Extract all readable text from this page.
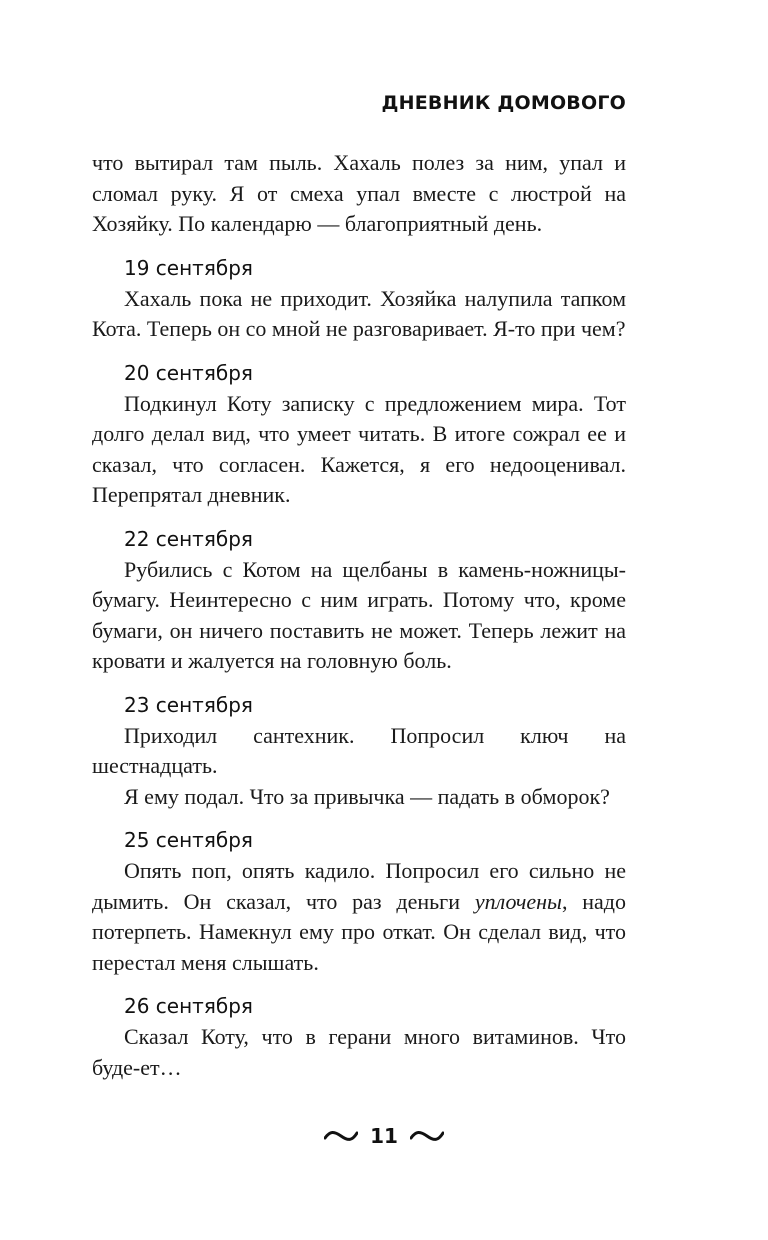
ДНЕВНИК ДОМОВОГО

что вытирал там пыль. Хахаль полез за ним, упал и сломал руку. Я от смеха упал вместе с люстрой на Хозяйку. По календарю — благоприятный день.

19 сентября

Хахаль пока не приходит. Хозяйка налупила тапком Кота. Теперь он со мной не разговаривает. Я-то при чем?

20 сентября

Подкинул Коту записку с предложением мира. Тот долго делал вид, что умеет читать. В итоге сожрал ее и сказал, что согласен. Кажется, я его недооценивал. Перепрятал дневник.

22 сентября

Рубились с Котом на щелбаны в камень-ножницы-бумагу. Неинтересно с ним играть. Потому что, кроме бумаги, он ничего поставить не может. Теперь лежит на кровати и жалуется на головную боль.

23 сентября

Приходил сантехник. Попросил ключ на шестнадцать.

Я ему подал. Что за привычка — падать в обморок?

25 сентября

Опять поп, опять кадило. Попросил его сильно не дымить. Он сказал, что раз деньги уплочены, надо потерпеть. Намекнул ему про откат. Он сделал вид, что перестал меня слышать.

26 сентября

Сказал Коту, что в герани много витаминов. Что буде-ет…

11
